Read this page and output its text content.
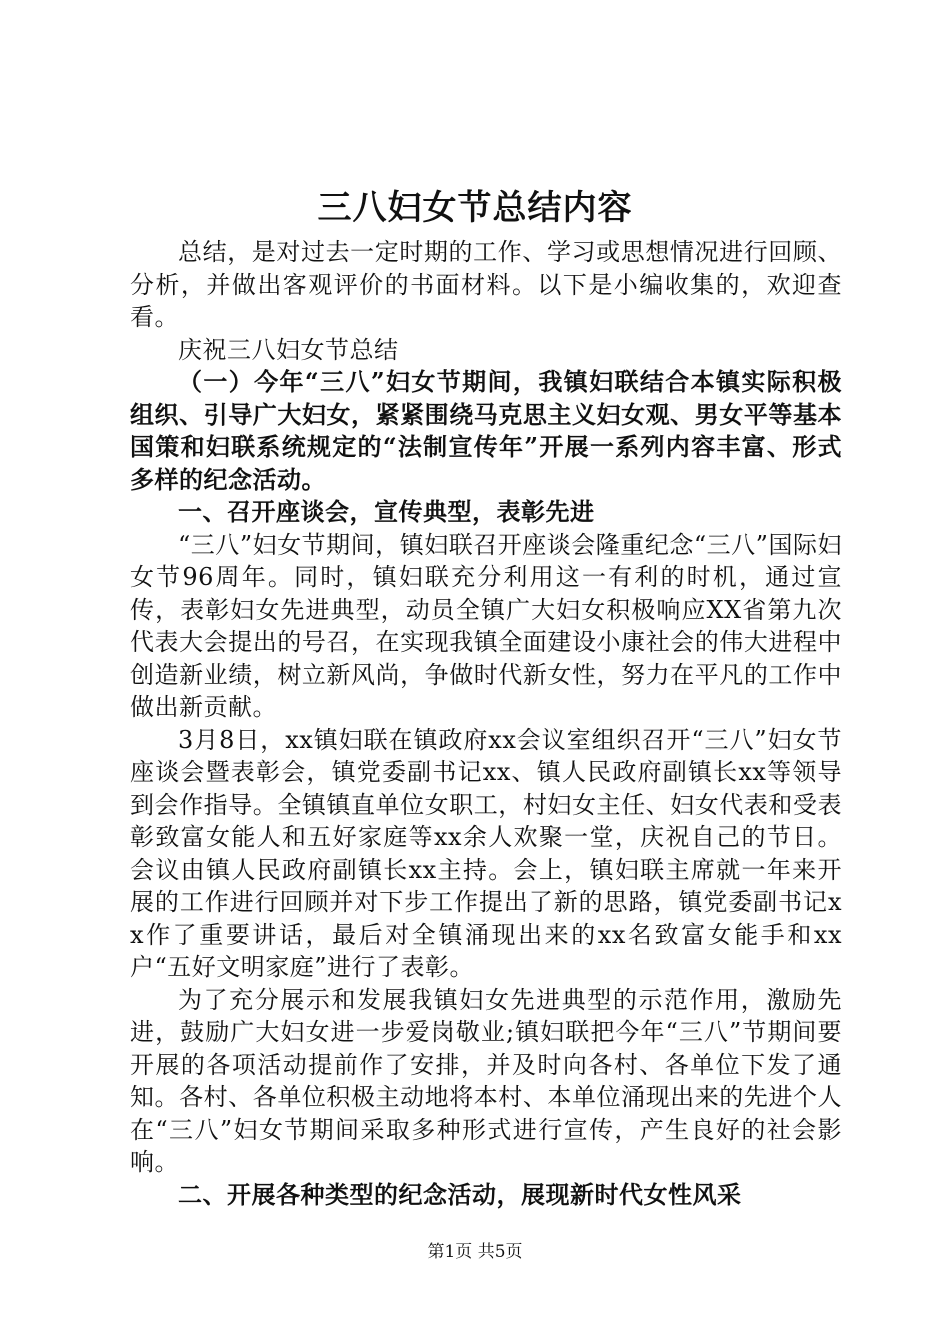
三八妇女节总结内容

总结，是对过去一定时期的工作、学习或思想情况进行回顾、分析，并做出客观评价的书面材料。以下是小编收集的，欢迎查看。

庆祝三八妇女节总结

（一）今年“三八”妇女节期间，我镇妇联结合本镇实际积极组织、引导广大妇女，紧紧围绕马克思主义妇女观、男女平等基本国策和妇联系统规定的“法制宣传年”开展一系列内容丰富、形式多样的纪念活动。

一、召开座谈会，宣传典型，表彰先进

“三八”妇女节期间，镇妇联召开座谈会隆重纪念“三八”国际妇女节96周年。同时，镇妇联充分利用这一有利的时机，通过宣传，表彰妇女先进典型，动员全镇广大妇女积极响应XX省第九次代表大会提出的号召，在实现我镇全面建设小康社会的伟大进程中创造新业绩，树立新风尚，争做时代新女性，努力在平凡的工作中做出新贡献。

3月8日，xx镇妇联在镇政府xx会议室组织召开“三八”妇女节座谈会暨表彰会，镇党委副书记xx、镇人民政府副镇长xx等领导到会作指导。全镇镇直单位女职工，村妇女主任、妇女代表和受表彰致富女能人和五好家庭等xx余人欢聚一堂，庆祝自己的节日。会议由镇人民政府副镇长xx主持。会上，镇妇联主席就一年来开展的工作进行回顾并对下步工作提出了新的思路，镇党委副书记xx作了重要讲话，最后对全镇涌现出来的xx名致富女能手和xx户“五好文明家庭”进行了表彰。

为了充分展示和发展我镇妇女先进典型的示范作用，激励先进，鼓励广大妇女进一步爱岗敬业;镇妇联把今年“三八”节期间要开展的各项活动提前作了安排，并及时向各村、各单位下发了通知。各村、各单位积极主动地将本村、本单位涌现出来的先进个人在“三八”妇女节期间采取多种形式进行宣传，产生良好的社会影响。

二、开展各种类型的纪念活动，展现新时代女性风采

第1页 共5页
